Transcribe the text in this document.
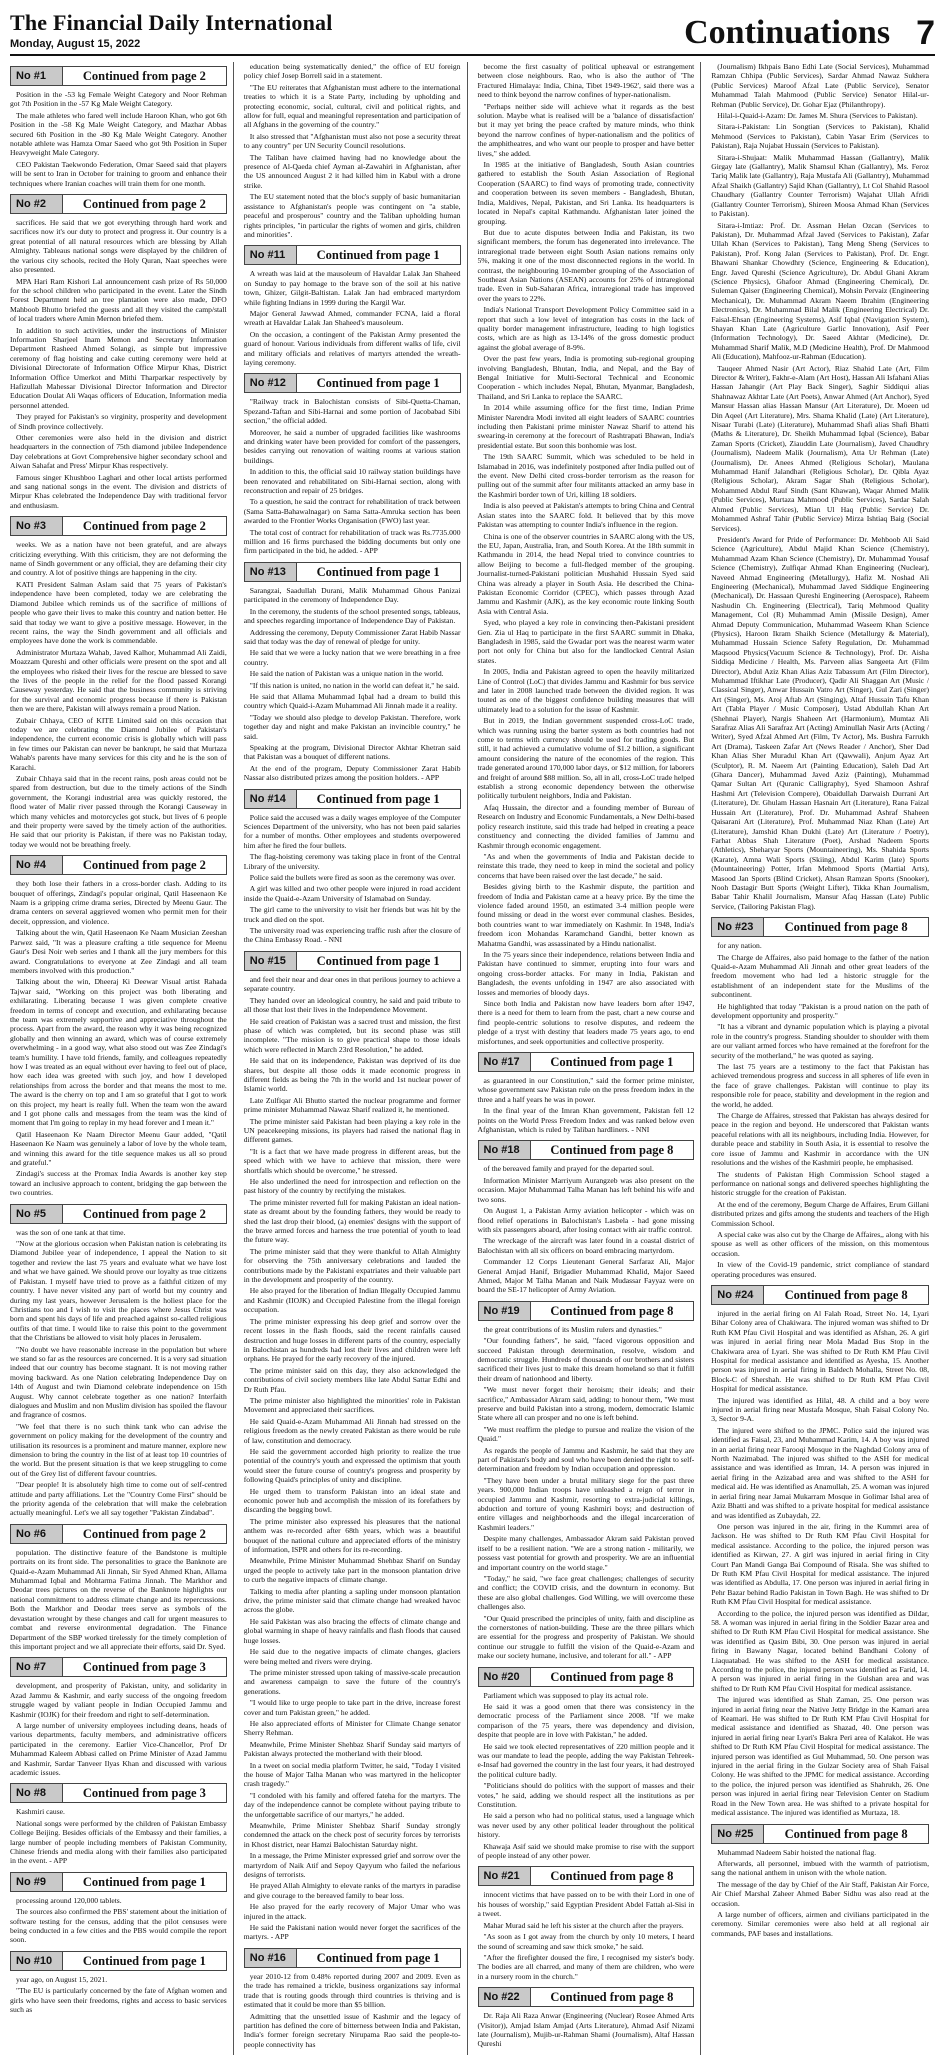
The Financial Daily International
Monday, August 15, 2022	Continuations 7
No #1	Continued from page 2

Position in the -53 kg Female Weight Category and Noor Rehman got 7th Position in the -57 Kg Male Weight Category.

The male athletes who fared well include Haroon Khan, who got 6th Position in the -58 Kg Male Weight Category, and Mazhar Abbas secured 6th Position in the -80 Kg Male Weight Category. Another notable athlete was Hamza Omar Saeed who got 9th Position in Super Heavyweight Male Category.

CEO Pakistan Taekwondo Federation, Omar Saeed said that players will be sent to Iran in October for training to groom and enhance their techniques where Iranian coaches will train them for one month.

No #2	Continued from page 2

sacrifices. He said that we got everything through hard work and sacrifices now it's our duty to protect and progress it. Our country is a great potential of all natural resources which are blessing by Allah Almighty. Tableaus national songs were displayed by the children of the various city schools, recited the Holy Quran, Naat speeches were also presented.

MPA Hari Ram Kishori Lal announcement cash prize of Rs 50,000 for the school children who participated in the event. Later the Sindh Forest Department held an tree plantation were also made, DFO Mahboob Bhutto briefed the guests and all they visited the camp/stall of local traders where Amin Mernon briefed them.

In addition to such activities, under the instructions of Minister Information Sharjeel Inam Memon and Secretary Information Department Rasheed Ahmed Solangi, as simple but impressive ceremony of flag hoisting and cake cutting ceremony were held at Divisional Directorate of Information Office Mirpur Khas, District Information Office Umerkot and Mithi Tharparkar respectively by Hafizullah Mahessar Divisional Director Information and Director Education Doulat Ali Waqas officers of Education, Information media personnel attended.

They prayed for Pakistan's so virginity, prosperity and development of Sindh province collectively.

Other ceremonies were also held in the division and district headquarters in the connection of 75th diamond jubilee Independence Day celebrations at Govt Comprehensive higher secondary school and Aiwan Sahafat and Press' Mirpur Khas respectively.

Famous singer Khushboo Laghari and other local artists performed and sang national songs in the event. The division and districts of Mirpur Khas celebrated the Independence Day with traditional fervor and enthusiasm.

No #3	Continued from page 2

weeks. We as a nation have not been grateful, and are always criticizing everything. With this criticism, they are not deforming the name of Sindh government or any official, they are defaming their city and country. A lot of positive things are happening in the city.

KATI President Salman Aslam said that 75 years of Pakistan's independence have been completed, today we are celebrating the Diamond Jubilee which reminds us of the sacrifice of millions of people who gave their lives to make this country and nation better. He said that today we want to give a positive message. However, in the recent rains, the way the Sindh government and all officials and employees have done the work is commendable.

Administrator Murtaza Wahab, Javed Kalhor, Muhammad Ali Zaidi, Moazzam Qureshi and other officials were present on the spot and all the employees who risked their lives for the rescue are blessed to save the lives of the people in the relief for the flood passed Korangi Causeway yesterday. He said that the business community is striving for the survival and economic progress because if there is Pakistan then we are there, Pakistan will always remain a proud Nation.

Zubair Chhaya, CEO of KITE Limited said on this occasion that today we are celebrating the Diamond Jubilee of Pakistan's independence, the current economic crisis is globally which will pass in few times our Pakistan can never be bankrupt, he said that Murtaza Wahab's parents have many services for this city and he is the son of Karachi.

Zubair Chhaya said that in the recent rains, posh areas could not be spared from destruction, but due to the timely actions of the Sindh government, the Korangi industrial area was quickly restored, the flood water of Malir river passed through the Korangi Causeway in which many vehicles and motorcycles got stuck, but lives of 6 people and their property were saved by the timely action of the authorities. He said that our priority is Pakistan, if there was no Pakistan today, today we would not be breathing freely.

No #4	Continued from page 2

they both lose their fathers in a cross-border clash. Adding to its bouquet of offerings, Zindagi's popular original, Qatil Haseenaon Ke Naam is a gripping crime drama series, Directed by Meenu Gaur. The drama centers on several aggrieved women who permit men for their deceit, oppression, and violence.

Talking about the win, Qatil Haseenaon Ke Naam Musician Zeeshan Parwez said, "It was a pleasure crafting a title sequence for Meenu Gaur's Desi Noir web series and I thank all the jury members for this award. Congratulations to everyone at Zee Zindagi and all team members involved with this production."

Talking about the win, Dheeraj Ki Deewar Visual artist Rahada Tajwar said, "Working on this project was both liberating and exhilarating. Liberating because I was given complete creative freedom in terms of concept and execution, and exhilarating because the team was extremely supportive and appreciative throughout the process. Apart from the award, the reason why it was being recognized globally and then winning an award, which was of course extremely overwhelming - in a good way, what also stood out was Zee Zindagi's team's humility. I have told friends, family, and colleagues repeatedly how I was treated as an equal without ever having to feel out of place, how each idea was greeted with such joy, and how I developed relationships from across the border and that means the most to me. The award is the cherry on top and I am so grateful that I got to work on this project, my heart is really full. When the team won the award and I got phone calls and messages from the team was the kind of moment that I'm going to replay in my head forever and I mean it."

Qatil Haseenaon Ke Naam Director Meenu Gaur added, "Qatil Haseenaon Ke Naam was genuinely a labor of love by the whole team, and winning this award for the title sequence makes us all so proud and grateful."

Zindagi's success at the Promax India Awards is another key step toward an inclusive approach to content, bridging the gap between the two countries.

No #5	Continued from page 2

was the son of one tank at that time.

"Now at the glorious occasion when Pakistan nation is celebrating its Diamond Jubilee year of independence, I appeal the Nation to sit together and review the last 75 years and evaluate what we have lost and what we have gained. We should prove our loyalty as true citizens of Pakistan. I myself have tried to prove as a faithful citizen of my country. I have never visited any part of world but my country and during my last years, however Jerusalem is the holiest place for the Christians too and I wish to visit the places where Jesus Christ was born and spent his days of life and preached against so-called religious outfits of that time. I would like to raise this point to the government that the Christians be allowed to visit holy places in Jerusalem.

"No doubt we have reasonable increase in the population but where we stand so far as the resources are concerned. It is a very sad situation indeed that our country has become stagnant. It is not moving rather moving backward. As one Nation celebrating Independence Day on 14th of August and twin Diamond celebrate independence on 15th August. Why cannot celebrate together as one nation? Interfaith dialogues and Muslim and non Muslim division has spoiled the flavour and fragrance of cosmos.

"We feel that there is no such think tank who can advise the government on policy making for the development of the country and utilisation its resources is a prominent and mature manner, explore new dimension to bring the country in the list of at least top 10 countries of the world. But the present situation is that we keep struggling to come out of the Grey list of different favour countries.

"Dear people! It is absolutely high time to come out of self-centred attitude and party affiliations. Let the "Country Come First" should be the priority agenda of the celebration that will make the celebration actually meaningful. Let's we all say together "Pakistan Zindabad".

No #6	Continued from page 2

population. The distinctive feature of the Bandstone is multiple portraits on its front side. The personalities to grace the Banknote are Quaid-e-Azam Muhammad Ali Jinnah, Sir Syed Ahmed Khan, Allama Muhammad Iqbal and Mohtarma Fatima Jinnah. The Markhor and Deodar trees pictures on the reverse of the Banknote highlights our national commitment to address climate change and its repercussions. Both the Markhor and Deodar trees serve as symbols of the devastation wrought by these changes and call for urgent measures to combat and reverse environmental degradation. The Finance Department of the SBP worked tirelessly for the timely completion of this important project and we all appreciate their efforts, said Dr. Syed.

No #7	Continued from page 3

development, and prosperity of Pakistan, unity, and solidarity in Azad Jammu & Kashmir, and early success of the ongoing freedom struggle waged by valiant people in Indian Occupied Jammu and Kashmir (IOJK) for their freedom and right to self-determination.

A large number of university employees including deans, heads of various departments, faculty members, and administrative officers participated in the ceremony. Earlier Vice-Chancellor, Prof Dr Muhammad Kaleem Abbasi called on Prime Minister of Azad Jammu and Kashmir, Sardar Tanveer Ilyas Khan and discussed with various academic issues.

No #8	Continued from page 3

Kashmiri cause.

National songs were performed by the children of Pakistan Embassy College Beijing. Besides officials of the Embassy and their families, a large number of people including members of Pakistan Community, Chinese friends and media along with their families also participated in the event. - APP

No #9	Continued from page 1

processing around 120,000 tablets.

The sources also confirmed the PBS' statement about the initiation of software testing for the census, adding that the pilot censuses were being conducted in a few cities and the PBS would compile the report soon.

No #10	Continued from page 1

year ago, on August 15, 2021.

"The EU is particularly concerned by the fate of Afghan women and girls who have seen their freedoms, rights and access to basic services such as

education being systematically denied," the office of EU foreign policy chief Josep Borrell said in a statement.

"The EU reiterates that Afghanistan must adhere to the international treaties to which it is a State Party, including by upholding and protecting economic, social, cultural, civil and political rights, and allow for full, equal and meaningful representation and participation of all Afghans in the governing of the country."

It also stressed that "Afghanistan must also not pose a security threat to any country" per UN Security Council resolutions.

The Taliban have claimed having had no knowledge about the presence of Al-Qaeda chief Ayman al-Zawahiri in Afghanistan, after the US announced August 2 it had killed him in Kabul with a drone strike.

The EU statement noted that the bloc's supply of basic humanitarian assistance to Afghanistan's people was contingent on "a stable, peaceful and prosperous" country and the Taliban upholding human rights principles, "in particular the rights of women and girls, children and minorities".

No #11	Continued from page 1

A wreath was laid at the mausoleum of Havaldar Lalak Jan Shaheed on Sunday to pay homage to the brave son of the soil at his native town, Ghizer, Gilgit-Baltistan. Lalak Jan had embraced martyrdom while fighting Indians in 1999 during the Kargil War.

Major General Jawwad Ahmed, commander FCNA, laid a floral wreath at Havaldar Lalak Jan Shaheed's mausoleum.

On the occasion, a contingent of the Pakistan Army presented the guard of honour. Various individuals from different walks of life, civil and military officials and relatives of martyrs attended the wreath-laying ceremony.

No #12	Continued from page 1

"Railway track in Balochistan consists of Sibi-Quetta-Chaman, Spezand-Taftan and Sibi-Harnai and some portion of Jacobabad Sibi section," the official added.

Moreover, he said a number of upgraded facilities like washrooms and drinking water have been provided for comfort of the passengers, besides carrying out renovation of waiting rooms at various station buildings.

In addition to this, the official said 10 railway station buildings have been renovated and rehabilitated on Sibi-Harnai section, along with reconstruction and repair of 25 bridges.

To a question, he said the contract for rehabilitation of track between (Sama Satta-Bahawalnagar) on Sama Satta-Amruka section has been awarded to the Frontier Works Organisation (FWO) last year.

The total cost of contract for rehabilitation of track was Rs.7735.000 million and 16 firms purchased the bidding documents but only one firm participated in the bid, he added. - APP

No #13	Continued from page 1

Sarangzai, Saadullah Durani, Malik Muhammad Ghous Panizai participated in the ceremony of Independence Day.

In the ceremony, the students of the school presented songs, tableaus, and speeches regarding importance of Independence Day of Pakistan.

Addressing the ceremony, Deputy Commissioner Zarat Habib Nassar said that today was the day of renewal of pledge for unity.

He said that we were a lucky nation that we were breathing in a free country.

He said the nation of Pakistan was a unique nation in the world.

"If this nation is united, no nation in the world can defeat it," he said.

He said that Allama Muhammad Iqbal had a dream to build this country which Quaid-i-Azam Muhammad Ali Jinnah made it a reality.

"Today we should also pledge to develop Pakistan. Therefore, work together day and night and make Pakistan an invincible country," he said.

Speaking at the program, Divisional Director Akhtar Khetran said that Pakistan was a bouquet of different nations.

At the end of the program, Deputy Commissioner Zarat Habib Nassar also distributed prizes among the position holders. - APP

No #14	Continued from page 1

Police said the accused was a daily wages employee of the Computer Sciences Department of the university, who has not been paid salaries for a number of months. Other employees and students overpowered him after he fired the four bullets.

The flag-hoisting ceremony was taking place in front of the Central Library of the university.

Police said the bullets were fired as soon as the ceremony was over.

A girl was killed and two other people were injured in road accident inside the Quaid-e-Azam University of Islamabad on Sunday.

The girl came to the university to visit her friends but was hit by the truck and died on the spot.

The university road was experiencing traffic rush after the closure of the China Embassy Road. - NNI

No #15	Continued from page 1

and feel their near and dear ones in that perilous journey to achieve a separate country.

They handed over an ideological country, he said and paid tribute to all those that lost their lives in the Independence Movement.

He said creation of Pakistan was a sacred trust and mission, the first phase of which was completed, but its second phase was still incomplete. "The mission is to give practical shape to those ideals which were reflected in March 23rd Resolution," he added.

He said that on its independence, Pakistan was deprived of its due shares, but despite all those odds it made economic progress in different fields as being the 7th in the world and 1st nuclear power of Islamic world.

Late Zulfiqar Ali Bhutto started the nuclear programme and former prime minister Muhammad Nawaz Sharif realized it, he mentioned.

The prime minister said Pakistan had been playing a key role in the UN peacekeeping missions, its players had raised the national flag in different games.

"It is a fact that we have made progress in different areas, but the speed which with we have to achieve that mission, there were shortfalls which should be overcome," he stressed.

He also underlined the need for introspection and reflection on the past history of the country by rectifying the mistakes.

The prime minister reverted full for making Pakistan an ideal nation-state as dreamt about by the founding fathers, they would be ready to shed the last drop their blood, (a) enemies' designs with the support of the brave armed forces and harness the true potential of youth to lead the future way.

The prime minister said that they were thankful to Allah Almighty for observing the 75th anniversary celebrations and lauded the contributions made by the Pakistani expatriates and their valuable part in the development and prosperity of the country.

He also prayed for the liberation of Indian Illegally Occupied Jammu and Kashmir (IIOJK) and Occupied Palestine from the illegal foreign occupation.

The prime minister expressing his deep grief and sorrow over the recent losses in the flash floods, said the recent rainfalls caused destruction and huge losses in different parts of the country, especially in Balochistan as hundreds had lost their lives and children were left orphans. He prayed for the early recovery of the injured.

The prime minister said on this day, they also acknowledged the contributions of civil society members like late Abdul Sattar Edhi and Dr Ruth Pfau.

The prime minister also highlighted the minorities' role in Pakistan Movement and appreciated their sacrifices.

He said Quaid-e-Azam Muhammad Ali Jinnah had stressed on the religious freedom as the newly created Pakistan as there would be rule of law, constitution and democracy.

He said the government accorded high priority to realize the true potential of the country's youth and expressed the optimism that youth would steer the future course of country's progress and prosperity by following Quaid's principles of unity and discipline.

He urged them to transform Pakistan into an ideal state and economic power hub and accomplish the mission of its forefathers by discarding the begging bowl.

The prime minister also expressed his pleasures that the national anthem was re-recorded after 68th years, which was a beautiful bouquet of the national culture and appreciated efforts of the ministry of information, ISPR and others for its re-recording.

Meanwhile, Prime Minister Muhammad Shehbaz Sharif on Sunday urged the people to actively take part in the monsoon plantation drive to curb the negative impacts of climate change.

Talking to media after planting a sapling under monsoon plantation drive, the prime minister said that climate change had wreaked havoc across the globe.

He said Pakistan was also bracing the effects of climate change and global warming in shape of heavy rainfalls and flash floods that caused huge losses.

He said due to the negative impacts of climate changes, glaciers were being melted and rivers were drying.

The prime minister stressed upon taking of massive-scale precaution and awareness campaign to save the future of the country's generations.

"I would like to urge people to take part in the drive, increase forest cover and turn Pakistan green," he added.

He also appreciated efforts of Minister for Climate Change senator Sherry Rehman.

Meanwhile, Prime Minister Shehbaz Sharif Sunday said martyrs of Pakistan always protected the motherland with their blood.

In a tweet on social media platform Twitter, he said, "Today I visited the house of Major Talha Manan who was martyred in the helicopter crash tragedy."

"I condoled with his family and offered fateha for the martyrs. The day of the independence cannot be complete without paying tribute to the unforgettable sacrifice of our martyrs," he added.

Meanwhile, Prime Minister Shehbaz Sharif Sunday strongly condemned the attack on the check post of security forces by terrorists in Khost district, near Hamzi Balochistan Saturday night.

In a message, the Prime Minister expressed grief and sorrow over the martyrdom of Naik Atif and Sepoy Qayyum who failed the nefarious designs of terrorists.

He prayed Allah Almighty to elevate ranks of the martyrs in paradise and give courage to the bereaved family to bear loss.

He also prayed for the early recovery of Major Umar who was injured in the attack.

He said the Pakistani nation would never forget the sacrifices of the martyrs. - APP

No #16	Continued from page 1

year 2010-12 from 0.48% reported during 2007 and 2009. Even as the trade has remained a trickle, business organizations say informal trade that is routing goods through third countries is thriving and is estimated that it could be more than $5 billion.

Admitting that the unsettled issue of Kashmir and the legacy of partition has defined the core of bitterness between India and Pakistan, India's former foreign secretary Nirupama Rao said the people-to-people connectivity has

become the first casualty of political upheaval or estrangement between close neighbours. Rao, who is also the author of 'The Fractured Himalaya: India, China, Tibet 1949-1962', said there was a need to think beyond the narrow confines of hyper-nationalism.

"Perhaps neither side will achieve what it regards as the best solution. Maybe what is realised will be a 'balance of dissatisfaction' but it may yet bring the peace crafted by mature minds, who think beyond the narrow confines of hyper-nationalism and the politics of the amphitheatres, and who want our people to prosper and have better lives," she added.

In 1985 at the initiative of Bangladesh, South Asian countries gathered to establish the South Asian Association of Regional Cooperation (SAARC) to find ways of promoting trade, connectivity and cooperation between its seven members - Bangladesh, Bhutan, India, Maldives, Nepal, Pakistan, and Sri Lanka. Its headquarters is located in Nepal's capital Kathmandu. Afghanistan later joined the grouping.

But due to acute disputes between India and Pakistan, its two significant members, the forum has degenerated into irrelevance. The intraregional trade between eight South Asian nations remains only 5%, making it one of the most disconnected regions in the world. In contrast, the neighbouring 10-member grouping of the Association of Southeast Asian Nations (ASEAN) accounts for 25% of intraregional trade. Even in Sub-Saharan Africa, intraregional trade has improved over the years to 22%.

India's National Transport Development Policy Committee said in a report that such a low level of integration has costs in the lack of quality border management infrastructure, leading to high logistics costs, which are as high as 13-14% of the gross domestic product against the global average of 8-9%.

Over the past few years, India is promoting sub-regional grouping involving Bangladesh, Bhutan, India, and Nepal, and the Bay of Bengal Initiative for Multi-Sectoral Technical and Economic Cooperation - which includes Nepal, Bhutan, Myanmar, Bangladesh, Thailand, and Sri Lanka to replace the SAARC.

In 2014 while assuming office for the first time, Indian Prime Minister Narendra Modi invited all eight leaders of SAARC countries including then Pakistani prime minister Nawaz Sharif to attend his swearing-in ceremony at the forecourt of Rashtrapati Bhawan, India's presidential estate. But soon this bonhomie was lost.

The 19th SAARC Summit, which was scheduled to be held in Islamabad in 2016, was indefinitely postponed after India pulled out of the event. New Delhi cited cross-border terrorism as the reason for pulling out of the summit after four militants attacked an army base in the Kashmiri border town of Uri, killing 18 soldiers.

India is also peeved at Pakistan's attempts to bring China and Central Asian states into the SAARC fold. It believed that by this move Pakistan was attempting to counter India's influence in the region.

China is one of the observer countries in SAARC along with the US, the EU, Japan, Australia, Iran, and South Korea. At the 18th summit in Kathmandu in 2014, the head Nepal tried to convince countries to allow Beijing to become a full-fledged member of the grouping. Journalist-turned-Pakistani politician Mushahid Hussain Syed said China was already a player in South Asia. He described the China-Pakistan Economic Corridor (CPEC), which passes through Azad Jammu and Kashmir (AJK), as the key economic route linking South Asia with Central Asia.

Syed, who played a key role in convincing then-Pakistani president Gen. Zia ul Haq to participate in the first SAARC summit in Dhaka, Bangladesh in 1985, said the Gwadar port was the nearest warm water port not only for China but also for the landlocked Central Asian states.

In 2005, India and Pakistan agreed to open the heavily militarized Line of Control (LoC) that divides Jammu and Kashmir for bus service and later in 2008 launched trade between the divided region. It was touted as one of the biggest confidence building measures that will ultimately lead to a solution for the issue of Kashmir.

But in 2019, the Indian government suspended cross-LoC trade, which was running using the barter system as both countries had not come to terms with currency should be used for trading goods. But still, it had achieved a cumulative volume of $1.2 billion, a significant amount considering the nature of the economies of the region. This trade generated around 170,000 labor days, or $12 million, for laborers and freight of around $88 million. So, all in all, cross-LoC trade helped establish a strong economic dependency between the otherwise politically turbulent neighbors, India and Pakistan.

Afaq Hussain, the director and a founding member of Bureau of Research on Industry and Economic Fundamentals, a New Delhi-based policy research institute, said this trade had helped in creating a peace constituency and connecting the divided families of Jammu and Kashmir through economic engagement.

"As and when the governments of India and Pakistan decide to reinstate this trade, they need to keep in mind the societal and policy concerns that have been raised over the last decade," he said.

Besides giving birth to the Kashmir dispute, the partition and freedom of India and Pakistan came at a heavy price. By the time the violence faded around 1950, an estimated 3-4 million people were found missing or dead in the worst ever communal clashes. Besides, both countries want to war immediately on Kashmir. In 1948, India's freedom icon Mohandas Karamchand Gandhi, better known as Mahatma Gandhi, was assassinated by a Hindu nationalist.

In the 75 years since their independence, relations between India and Pakistan have continued to simmer, erupting into four wars and ongoing cross-border attacks. For many in India, Pakistan and Bangladesh, the events unfolding in 1947 are also associated with losses and memories of bloody days.

Since both India and Pakistan now have leaders born after 1947, there is a need for them to learn from the past, chart a new course and find people-centric solutions to resolve disputes, and redeem the pledge of a tryst with destiny that leaders made 75 years ago, to end misfortunes, and seek opportunities and collective prosperity.

No #17	Continued from page 1

as guaranteed in our Constitution," said the former prime minister, whose government saw Pakistan rule on the press freedom index in the three and a half years he was in power.

In the final year of the Imran Khan government, Pakistan fell 12 points on the World Press Freedom Index and was ranked below even Afghanistan, which is ruled by Taliban hardliners. - NNI

No #18	Continued from page 8

of the bereaved family and prayed for the departed soul.

Information Minister Marriyum Aurangzeb was also present on the occasion. Major Muhammad Talha Manan has left behind his wife and two sons.

On August 1, a Pakistan Army aviation helicopter - which was on flood relief operations in Balochistan's Lasbela - had gone missing with six passengers aboard, after losing contact with air traffic control.

The wreckage of the aircraft was later found in a coastal district of Balochistan with all six officers on board embracing martyrdom.

Commander 12 Corps Lieutenant General Sarfaraz Ali, Major General Amjad Hanif, Brigadier Muhammad Khalid, Major Saeed Ahmed, Major M Talha Manan and Naik Mudassar Fayyaz were on board the SE-17 helicopter of Army Aviation.

No #19	Continued from page 8

the great contributions of its Muslim rulers and dynasties."

"Our founding fathers", he said, "faced vigorous opposition and succeed Pakistan through determination, resolve, wisdom and democratic struggle. Hundreds of thousands of our brothers and sisters sacrificed their lives just to make this dream homeland so that it fulfill their dream of nationhood and liberty.

"We must never forget their heroism; their ideals; and their sacrifice," Ambassador Akram said, adding: to honour them, "We must preserve and build Pakistan into a strong, modern, democratic Islamic State where all can prosper and no one is left behind.

"We must reaffirm the pledge to pursue and realize the vision of the Quaid."

As regards the people of Jammu and Kashmir, he said that they are part of Pakistan's body and soul who have been denied the right to self-determination and freedom by Indian occupation and oppression.

"They have been under a brutal military siege for the past three years. 900,000 Indian troops have unleashed a reign of terror in occupied Jammu and Kashmir, resorting to extra-judicial killings, abduction and torture of young Kashmiri boys; and destruction of entire villages and neighborhoods and the illegal incarceration of Kashmiri leaders."

Despite many challenges, Ambassador Akram said Pakistan proved itself to be a resilient nation. "We are a strong nation - militarily, we possess vast potential for growth and prosperity. We are an influential and important country on the world stage."

"Today," he said, "we face great challenges; challenges of security and conflict; the COVID crisis, and the downturn in economy. But these are also global challenges. God Willing, we will overcome these challenges also.

"Our Quaid prescribed the principles of unity, faith and discipline as the cornerstones of nation-building. These are the three pillars which are essential for the progress and prosperity of Pakistan. We should continue our struggle to fulfill the vision of the Quaid-e-Azam and make our society humane, inclusive, and tolerant for all." - APP

No #20	Continued from page 8

Parliament which was supposed to play its actual role.

He said it was a good omen that there was consistency in the democratic process of the Parliament since 2008. "If we make comparison of the 75 years, there was dependency and division, despite that people are in love with Pakistan," he added.

He said we took elected representatives of 220 million people and it was our mandate to lead the people, adding the way Pakistan Tehreek-e-Insaf had governed the country in the last four years, it had destroyed the political culture badly.

"Politicians should do politics with the support of masses and their votes," he said, adding we should respect all the institutions as per Constitution.

He said a person who had no political status, used a language which was never used by any other political leader throughout the political history.

Khawaja Asif said we should make promise to rise with the support of people instead of any other power.

No #21	Continued from page 8

innocent victims that have passed on to be with their Lord in one of his houses of worship," said Egyptian President Abdel Fattah al-Sisi in a tweet.

Mahar Murad said he left his sister at the church after the prayers.

"As soon as I got away from the church by only 10 meters, I heard the sound of screaming and saw thick smoke," he said.

"After the firefighter doused the fire, I recognised my sister's body. The bodies are all charred, and many of them are children, who were in a nursery room in the church."

No #22	Continued from page 8

Dr. Raja Ali Raza Anwar (Engineering (Nuclear) Rosee Ahmed Arts (Visitor)), Amjad Islam Amjad (Arts Literature), Ahmad Asif Nizami late (Journalism), Mujib-ur-Rahman Shami (Journalism), Altaf Hassan Qureshi

(Journalism) Ikhpais Bano Edhi Late (Social Services), Muhammad Ramzan Chhipa (Public Services), Sardar Ahmad Nawaz Sukhera (Public Services) Maroof Afzal Late (Public Service), Senator Muhammad Talah Mahmood (Public Service) Senator Hilal-ur-Rehman (Public Service), Dr. Gohar Ejaz (Philanthropy).

Hilal-i-Quaid-i-Azam: Dr. James M. Shura (Services to Pakistan).

Sitara-i-Pakistan: Lin Songtian (Services to Pakistan), Khalid Mehmood (Services to Pakistan), Cabin Yasar Erim (Services to Pakistan), Raja Nujabat Hussain (Services to Pakistan).

Sitara-i-Shujaat: Malik Muhammad Hassan (Gallantry), Malik Girgay late (Gallantry), Malik Shamsul Khan (Gallantry), Ms. Feroz Tariq Malik late (Gallantry), Raja Mustafa Ali (Gallantry), Muhammad Afzal Shaikh (Gallantry) Sajid Khan (Gallantry), Lt Col Shahid Rasool Chaudhary (Gallantry Counter Terrorism) Wajahat Ullah Afridi (Gallantry Counter Terrorism), Shireen Moosa Ahmad Khan (Services to Pakistan).

Sitara-i-Imtiaz: Prof. Dr. Assman Helan Ozcan (Services to Pakistan), Dr. Muhammad Afzal Javed (Services to Pakistan), Zafar Ullah Khan (Services to Pakistan), Tang Meng Sheng (Services to Pakistan), Prof. Kong Jalan (Services to Pakistan), Prof. Dr. Engr. Bhawani Shankar Chowdhry (Science, Engineering & Education), Engr. Javed Qureshi (Science Agriculture), Dr. Abdul Ghani Akram (Science Physics), Ghafoor Ahmad (Engineering Chemical), Dr. Suleman Qaiser (Engineering Chemical), Mohsin Pervaiz (Engineering Mechanical), Dr. Muhammad Akram Naeem Ibrahim (Engineering Electronics), Dr. Muhammad Bilal Malik (Engineering Electrical) Dr. Faisal-Ehsan (Engineering Systems), Asif Iqbal (Navigation System), Shayan Khan Late (Agriculture Garlic Innovation), Asif Peer (Information Technology), Dr. Saeed Akhtar (Medicine), Dr. Muhammad Sharif Malik, M.D (Medicine Health), Prof. Dr Mahmood Ali (Education), Mahfooz-ur-Rahman (Education).

Tauqeer Ahmed Nasir (Art Actor), Riaz Shahid Late (Art, Film Director & Writer), Fakhr-e-Alam (Art Host), Hassan Ali Isfahani Alias Hassan Jahangir (Art Play Back Singer), Saghir Siddiqui alias Shahnawaz Akhtar Late (Art Poets), Anwar Ahmed (Art Anchor), Syed Mansur Hassan alias Hassan Mansur (Art Literature), Dr. Moeen ud Din Aqeel (Art Literature), Mrs. Shama Khalid (Late) (Art Literature), Nisaar Turabi (Late) (Literature), Muhammad Shafi alias Shafi Bhatti (Maths & Literature), Dr. Sheikh Muhammad Iqbal (Science), Babar Zaman Sports (Cricket), Ziauddin Late (Journalism), Javed Chaudhry (Journalism), Nadeem Malik (Journalism), Atta Ur Rehman (Late) (Journalism), Dr. Anees Ahmed (Religious Scholar), Maulana Muhammad Hanif Jalandhari (Religious Scholar), Dr. Qibla Ayaz (Religious Scholar), Akram Sagar Shah (Religious Scholar), Mohammed Abdul Rauf Sindh (Sant Khawan), Waqar Ahmed Malik (Public Services), Murtaza Mahmood (Public Services), Sardar Salah Ahmed (Public Services), Mian Ul Haq (Public Service) Dr. Mohammed Ashraf Tahir (Public Service) Mirza Ishtiaq Baig (Social Services).

President's Award for Pride of Performance: Dr. Mehboob Ali Said Science (Agriculture), Abdul Majid Khan Science (Chemistry), Muhammad Azam Khan Science (Chemistry), Dr. Muhammad Yousaf Science (Chemistry), Zulfiqar Ahmad Khan Engineering (Nuclear), Naveed Ahmad Engineering (Metallurgy), Hafiz M. Noshad Ali Engineering (Mechanical), Muhammad Javed Siddique Engineering (Mechanical), Dr. Hassaan Qureshi Engineering (Aerospace), Raheem Nashudin Ch. Engineering (Electrical), Tariq Mehmood Quality Management, Col (R) Muhammad Amin (Missile Design), Amer Ahmad Deputy Communication, Muhammad Waseem Khan Science (Physics), Haroon Ikram Shaikh Science (Metallurgy & Material), Muhammad Hussain Science Safety Regulation, Dr. Muhammad Maqsood Physics(Vacuum Science & Technology), Prof. Dr. Aisha Siddiqa Medicine / Health, Ms. Parveen alias Sangeeta Art (Film Director), Abdul Aziz Khan Alias Aziz Tabassum Art (Film Director), Muhammad Iftikhar Late (Producer), Qadir Ali Shaggan Art (Music / Classical Singer), Anwar Hussain Vatro Art (Singer), Gul Zari (Singer) Art (Singer), Ms. Aroj Aftab Art (Singing), Altaf Hussain Tafu Khan Art (Tabla Player / Music Composer), Ustad Abdullah Khan Art (Shehnai Player), Nargis Shaheen Art (Harmonium), Mumtaz Ali Sarafraz Alias Ali Sarafraz Art (Acting) Aminullah Nasir Arts (Acting / Writer), Syed Afzal Ahmed Art (Film, Tv Actor), Ms. Bushra Farrukh Art (Drama), Taskeen Zafar Art (News Reader / Anchor), Sher Dad Khan Alias Sher Muradul Khan Art (Qawwali), Anjum Ayaz Art (Sculptor), R. M. Naeem Art (Painting Education), Saleh Dad Art (Ghara Dancer), Muhammad Javed Aziz (Painting), Muhammad Qamar Sultan Art (Quranic Calligraphy), Syed Shamoon Ashraf Hashmi Art (Television Compere), Obaidullah Darwaish Durrani Art (Literature), Dr. Ghulam Hassan Hasnain Art (Literature), Rana Faizal Hussain Art (Literature), Prof. Dr. Muhammad Ashraf Shaheen Qaisarani Art (Literature), Prof. Muhammad Niaz Khan (Late) Art (Literature), Jamshid Khan Dukhi (Late) Art (Literature / Poetry), Farhat Abbas Shah Literature (Poet), Arshad Nadeem Sports (Athletics), Sheharyar Sports (Mountaineering), Ms. Shahida Sports (Karate), Amna Wali Sports (Skiing), Abdul Karim (late) Sports (Mountaineering) Potter, Irfan Mehmood Sports (Martial Arts), Masood Jan Sports (Blind Cricket), Ahsan Ramzan Sports (Snooker), Nooh Dastagir Butt Sports (Weight Lifter), Tikka Khan Journalism, Babar Tahir Khalil Journalism, Mansur Afaq Hassan (Late) Public Service, (Tailoring Pakistan Flag).

No #23	Continued from page 8

for any nation.

The Charge de Affaires, also paid homage to the father of the nation Quaid-e-Azam Muhammad Ali Jinnah and other great leaders of the freedom movement who had led a historic struggle for the establishment of an independent state for the Muslims of the subcontinent.

He highlighted that today "Pakistan is a proud nation on the path of development opportunity and prosperity."

"It has a vibrant and dynamic population which is playing a pivotal role in the country's progress. Standing shoulder to shoulder with them are our valiant armed forces who have remained at the forefront for the security of the motherland," he was quoted as saying.

The last 75 years are a testimony to the fact that Pakistan has achieved tremendous progress and success in all spheres of life even in the face of grave challenges. Pakistan will continue to play its responsible role for peace, stability and development in the region and the world, he added.

The Charge de Affaires, stressed that Pakistan has always desired for peace in the region and beyond. He underscored that Pakistan wants peaceful relations with all its neighbours, including India. However, for durable peace and stability in South Asia, it is essential to resolve the core issue of Jammu and Kashmir in accordance with the UN resolutions and the wishes of the Kashmiri people, he emphasised.

The students of Pakistan High Commission School staged a performance on national songs and delivered speeches highlighting the historic struggle for the creation of Pakistan.

At the end of the ceremony, Begum Charge de Affaires, Erum Gillani distributed prizes and gifts among the students and teachers of the High Commission School.

A special cake was also cut by the Charge de Affaires,, along with his spouse as well as other officers of the mission, on this momentous occasion.

In view of the Covid-19 pandemic, strict compliance of standard operating procedures was ensured.

No #24	Continued from page 8

injured in the aerial firing on Al Falah Road, Street No. 14, Lyari Bihar Colony area of Chakiwara. The injured woman was shifted to Dr Ruth KM Pfau Civil Hospital and was identified as Afshan, 26. A girl was injured in aerial firing near Mola Madad Bus Stop in the Chakiwara area of Lyari. She was shifted to Dr Ruth KM Pfau Civil Hospital for medical assistance and identified as Ayesha, 15. Another person was injured in aerial firing in Baldech Mohalla, Street No. 08, Block-C of Shershah. He was shifted to Dr Ruth KM Pfau Civil Hospital for medical assistance.

The injured was identified as Hilal, 48. A child and a boy were injured in aerial firing near Mustafa Mosque, Shah Faisal Colony No. 3, Sector 9-A.

The injured were shifted to the JPMC. Police said the injured was identified as Faisal, 23, and Muhammad Karim, 14. A boy was injured in an aerial firing near Farooqi Mosque in the Naghdad Colony area of North Nazimabad. The injured was shifted to the ASH for medical assistance and was identified as Imran, 14. A person was injured in aerial firing in the Azizabad area and was shifted to the ASH for medical aid. He was identified as Anamullah, 25. A woman was injured in aerial firing near Jamai Mukarram Mosque in Golimar Ishal area of Aziz Bhatti and was shifted to a private hospital for medical assistance and was identified as Zubaydah, 22.

One person was injured in the air, firing in the Kummri area of Jackson. He was shifted to Dr Ruth KM Pfau Civil Hospital for medical assistance. According to the police, the injured person was identified as Kirwan, 27. A girl was injured in aerial firing in City Court Pan Mandi Ganga Bai Compound of Risala. She was shifted to Dr Ruth KM Pfau Civil Hospital for medical assistance. The injured was identified as Abdulla, 17. One person was injured in aerial firing in Pehr Bazar behind Radio Pakistan in Town Bagh. He was shifted to Dr Ruth KM Pfau Civil Hospital for medical assistance.

According to the police, the injured person was identified as Dildar, 58. A woman was injured in aerial firing in the Soldier Bazar area and shifted to Dr Ruth KM Pfau Civil Hospital for medical assistance. She was identified as Qasim Bibi, 30. One person was injured in aerial firing in Bawany Nagar, located behind Bandhani Colony of Liaquatabad. He was shifted to the ASH for medical assistance. According to the police, the injured person was identified as Farid, 14. A person was injured in aerial firing in the Gulshan area and was shifted to Dr Ruth KM Pfau Civil Hospital for medical assistance.

The injured was identified as Shah Zaman, 25. One person was injured in aerial firing near the Native Jetty Bridge in the Kamari area of Keamari. He was shifted to Dr Ruth KM Pfau Civil Hospital for medical assistance and identified as Shazad, 40. One person was injured in aerial firing near Lyari's Bakra Peri area of Kalakot. He was shifted to Dr Ruth KM Pfau Civil Hospital for medical assistance. The injured person was identified as Gul Muhammad, 50. One person was injured in the aerial firing in the Gulzar Society area of Shah Faisal Colony. He was shifted to the JPMC for medical assistance. According to the police, the injured person was identified as Shahrukh, 26. One person was injured in aerial firing near Television Center on Stadium Road in the New Town area. He was shifted to a private hospital for medical assistance. The injured was identified as Murtaza, 18.

No #25	Continued from page 8

Muhammad Nadeem Sabir hoisted the national flag.

Afterwards, all personnel, imbued with the warmth of patriotism, sang the national anthem in unison with the whole nation.

The message of the day by Chief of the Air Staff, Pakistan Air Force, Air Chief Marshal Zaheer Ahmed Baber Sidhu was also read at the occasion.

A large number of officers, airmen and civilians participated in the ceremony. Similar ceremonies were also held at all regional air commands, PAF bases and installations.
